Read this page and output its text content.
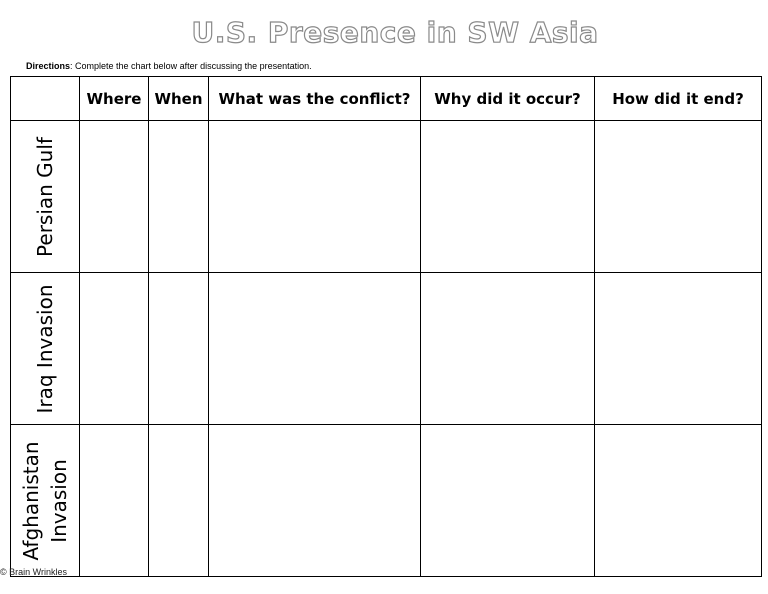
U.S. Presence in SW Asia
Directions: Complete the chart below after discussing the presentation.
	Where	When	What was the conflict?	Why did it occur?	How did it end?

Persian Gulf					

Iraq Invasion					

Afghanistan Invasion					

© Brain Wrinkles
